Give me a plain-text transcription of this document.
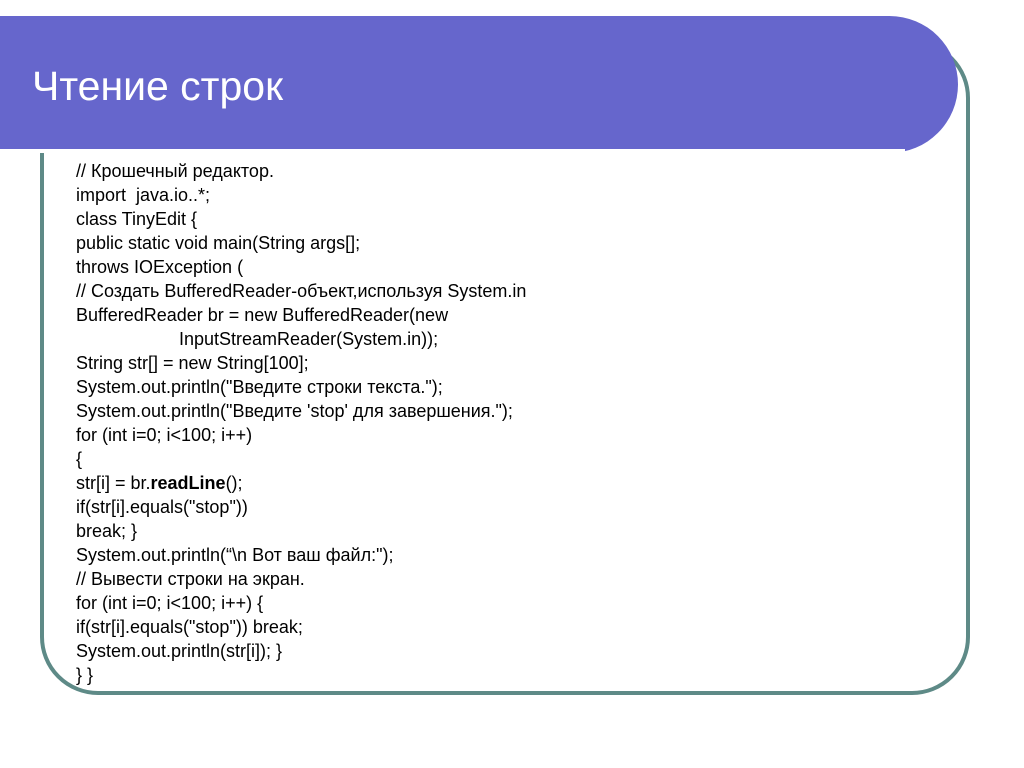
Чтение строк
// Крошечный редактор.
import  java.io..*;
class TinyEdit {
public static void main(String args[];
throws IOException (
// Создать BufferedReader-объект,используя System.in
BufferedReader br = new BufferedReader(new
InputStreamReader(System.in));
String str[] = new String[100];
System.out.println("Введите строки текста.");
System.out.println("Введите 'stop' для завершения.");
for (int i=0; i<100; i++)
{
str[i] = br.readLine();
if(str[i].equals("stop"))
break; }
System.out.println(“\n Вот ваш файл:");
// Вывести строки на экран.
for (int i=0; i<100; i++) {
if(str[i].equals("stop")) break;
System.out.println(str[i]); }
} }
